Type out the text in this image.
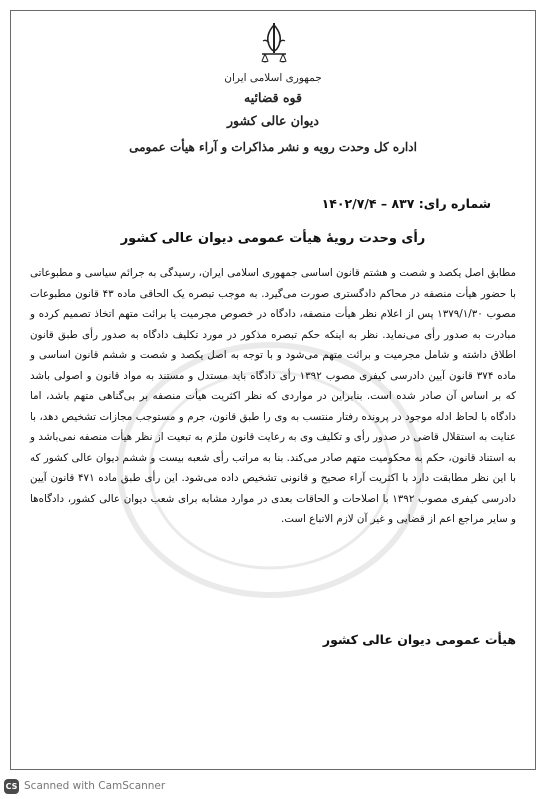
جمهوری اسلامی ایران
قوه قضائیه
دیوان عالی کشور
اداره کل وحدت رویه و نشر مذاکرات و آراء هیأت عمومی
شماره رای: ۸۳۷ – ۱۴۰۲/۷/۴
رأی وحدت رویهٔ هیأت عمومی دیوان عالی کشور

مطابق اصل یکصد و شصت و هشتم قانون اساسی جمهوری اسلامی ایران، رسیدگی به جرائم سیاسی و مطبوعاتی با حضور هیأت منصفه در محاکم دادگستری صورت می‌گیرد. به موجب تبصره یک الحاقی ماده ۴۳ قانون مطبوعات مصوب ۱۳۷۹/۱/۳۰ پس از اعلام نظر هیأت منصفه، دادگاه در خصوص مجرمیت یا برائت متهم اتخاذ تصمیم کرده و مبادرت به صدور رأی می‌نماید. نظر به اینکه حکم تبصره مذکور در مورد تکلیف دادگاه به صدور رأی طبق قانون اطلاق داشته و شامل مجرمیت و برائت متهم می‌شود و با توجه به اصل یکصد و شصت و ششم قانون اساسی و ماده ۳۷۴ قانون آیین دادرسی کیفری مصوب ۱۳۹۲ رأی دادگاه باید مستدل و مستند به مواد قانون و اصولی باشد که بر اساس آن صادر شده است. بنابراین در مواردی که نظر اکثریت هیأت منصفه بر بی‌گناهی متهم باشد، اما دادگاه با لحاظ ادله موجود در پرونده رفتار منتسب به وی را طبق قانون، جرم و مستوجب مجازات تشخیص دهد، با عنایت به استقلال قاضی در صدور رأی و تکلیف وی به رعایت قانون ملزم به تبعیت از نظر هیأت منصفه نمی‌باشد و به استناد قانون، حکم به محکومیت متهم صادر می‌کند. بنا به مراتب رأی شعبه بیست و ششم دیوان عالی کشور که با این نظر مطابقت دارد با اکثریت آراء صحیح و قانونی تشخیص داده می‌شود. این رأی طبق ماده ۴۷۱ قانون آیین دادرسی کیفری مصوب ۱۳۹۲ با اصلاحات و الحاقات بعدی در موارد مشابه برای شعب دیوان عالی کشور، دادگاه‌ها و سایر مراجع اعم از قضایی و غیر آن لازم الاتباع است.

هیأت عمومی دیوان عالی کشور
CS Scanned with CamScanner
